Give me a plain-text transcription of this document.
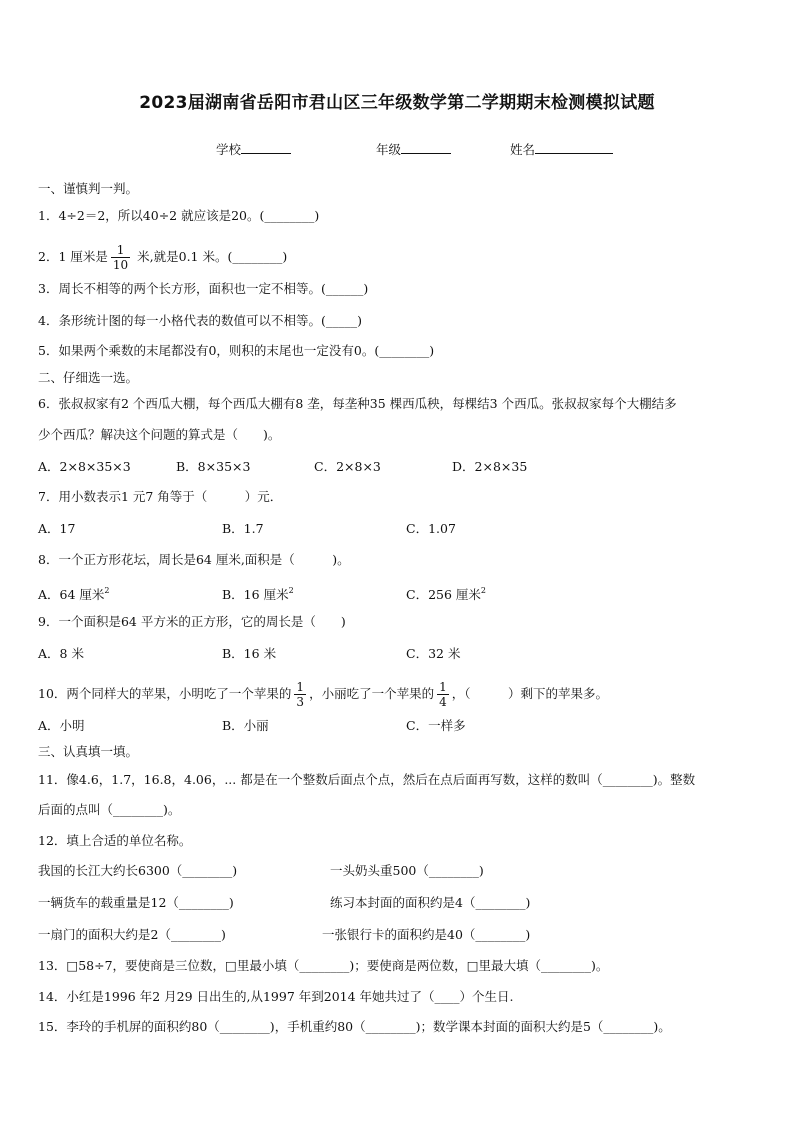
2023届湖南省岳阳市君山区三年级数学第二学期期末检测模拟试题
学校	年级	姓名
一、谨慎判一判。
1．4÷2＝2，所以40÷2 就应该是20。(________)
2．1 厘米是 $\frac{1}{10}$ 米,就是0.1 米。(________)
3．周长不相等的两个长方形，面积也一定不相等。(______)
4．条形统计图的每一小格代表的数值可以不相等。(_____)
5．如果两个乘数的末尾都没有0，则积的末尾也一定没有0。(________)
二、仔细选一选。
6．张叔叔家有2 个西瓜大棚，每个西瓜大棚有8 垄，每垄种35 棵西瓜秧，每棵结3 个西瓜。张叔叔家每个大棚结多
少个西瓜？解决这个问题的算式是（　　)。
A．2×8×35×3	B．8×35×3	C．2×8×3	D．2×8×35
7．用小数表示1 元7 角等于（　　　）元．
A．17	B．1.7	C．1.07
8．一个正方形花坛，周长是64 厘米,面积是（　　　)。
A．64 厘米$^2$	B．16 厘米$^2$	C．256 厘米$^2$
9．一个面积是64 平方米的正方形，它的周长是（　　)
A．8 米	B．16 米	C．32 米
10．两个同样大的苹果，小明吃了一个苹果的 $\frac{1}{3}$ ，小丽吃了一个苹果的 $\frac{1}{4}$ ，（　　　）剩下的苹果多。
A．小明	B．小丽	C．一样多
三、认真填一填。
11．像4.6，1.7，16.8，4.06，... 都是在一个整数后面点个点，然后在点后面再写数，这样的数叫（________)。整数
后面的点叫（________)。
12．填上合适的单位名称。
我国的长江大约长6300（________)	一头奶头重500（________)
一辆货车的载重量是12（________)	练习本封面的面积约是4（________)
一扇门的面积大约是2（________)	一张银行卡的面积约是40（________)
13．□58÷7，要使商是三位数，□里最小填（________)；要使商是两位数，□里最大填（________)。
14．小红是1996 年2 月29 日出生的,从1997 年到2014 年她共过了（____）个生日.
15．李玲的手机屏的面积约80（________)，手机重约80（________)；数学课本封面的面积大约是5（________)。
